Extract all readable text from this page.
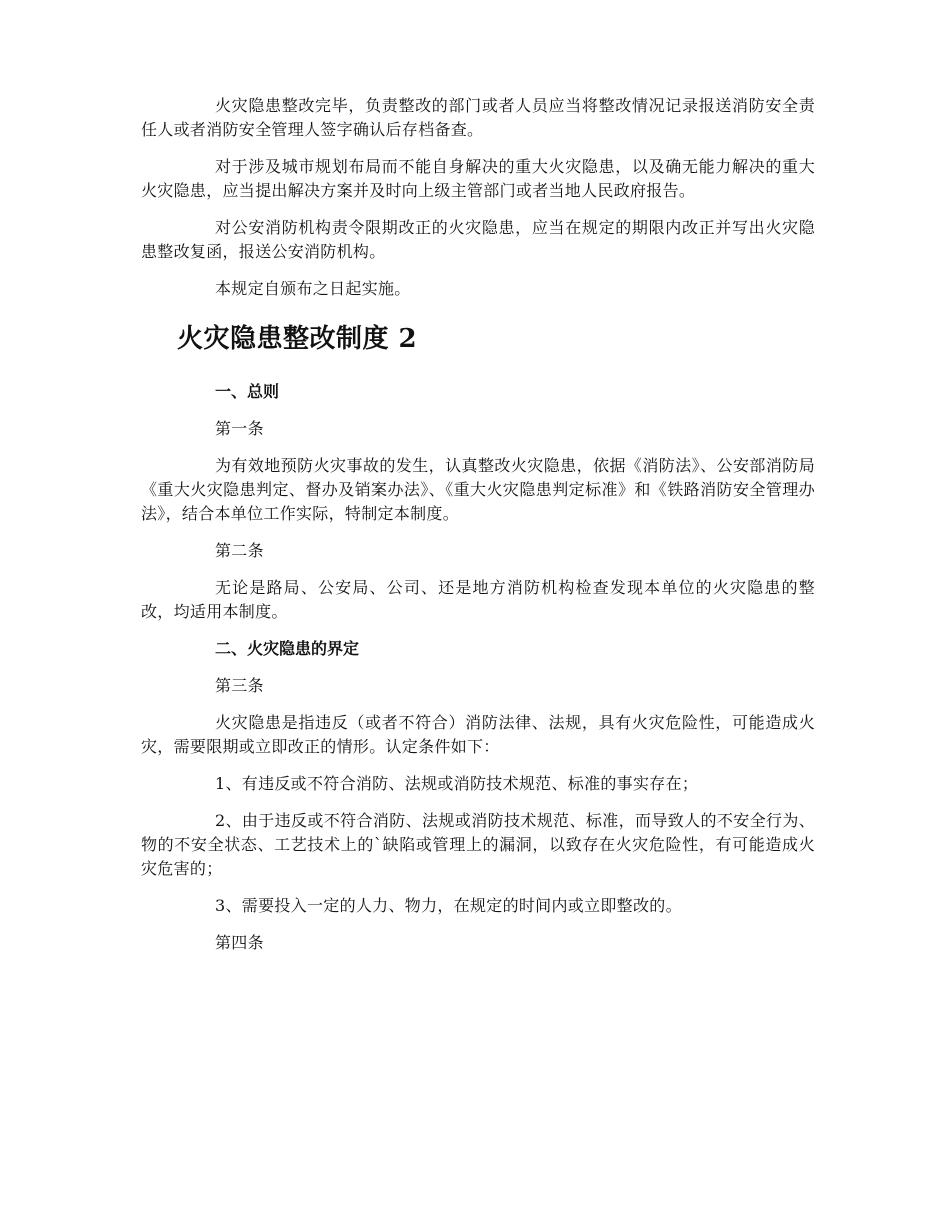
火灾隐患整改完毕，负责整改的部门或者人员应当将整改情况记录报送消防安全责任人或者消防安全管理人签字确认后存档备查。

对于涉及城市规划布局而不能自身解决的重大火灾隐患，以及确无能力解决的重大火灾隐患，应当提出解决方案并及时向上级主管部门或者当地人民政府报告。

对公安消防机构责令限期改正的火灾隐患，应当在规定的期限内改正并写出火灾隐患整改复函，报送公安消防机构。

本规定自颁布之日起实施。

火灾隐患整改制度 2

一、总则

第一条

为有效地预防火灾事故的发生，认真整改火灾隐患，依据《消防法》、公安部消防局《重大火灾隐患判定、督办及销案办法》、《重大火灾隐患判定标准》和《铁路消防安全管理办法》，结合本单位工作实际，特制定本制度。

第二条

无论是路局、公安局、公司、还是地方消防机构检查发现本单位的火灾隐患的整改，均适用本制度。

二、火灾隐患的界定

第三条

火灾隐患是指违反（或者不符合）消防法律、法规，具有火灾危险性，可能造成火灾，需要限期或立即改正的情形。认定条件如下：

1、有违反或不符合消防、法规或消防技术规范、标准的事实存在；

2、由于违反或不符合消防、法规或消防技术规范、标准，而导致人的不安全行为、物的不安全状态、工艺技术上的`缺陷或管理上的漏洞，以致存在火灾危险性，有可能造成火灾危害的；

3、需要投入一定的人力、物力，在规定的时间内或立即整改的。

第四条
